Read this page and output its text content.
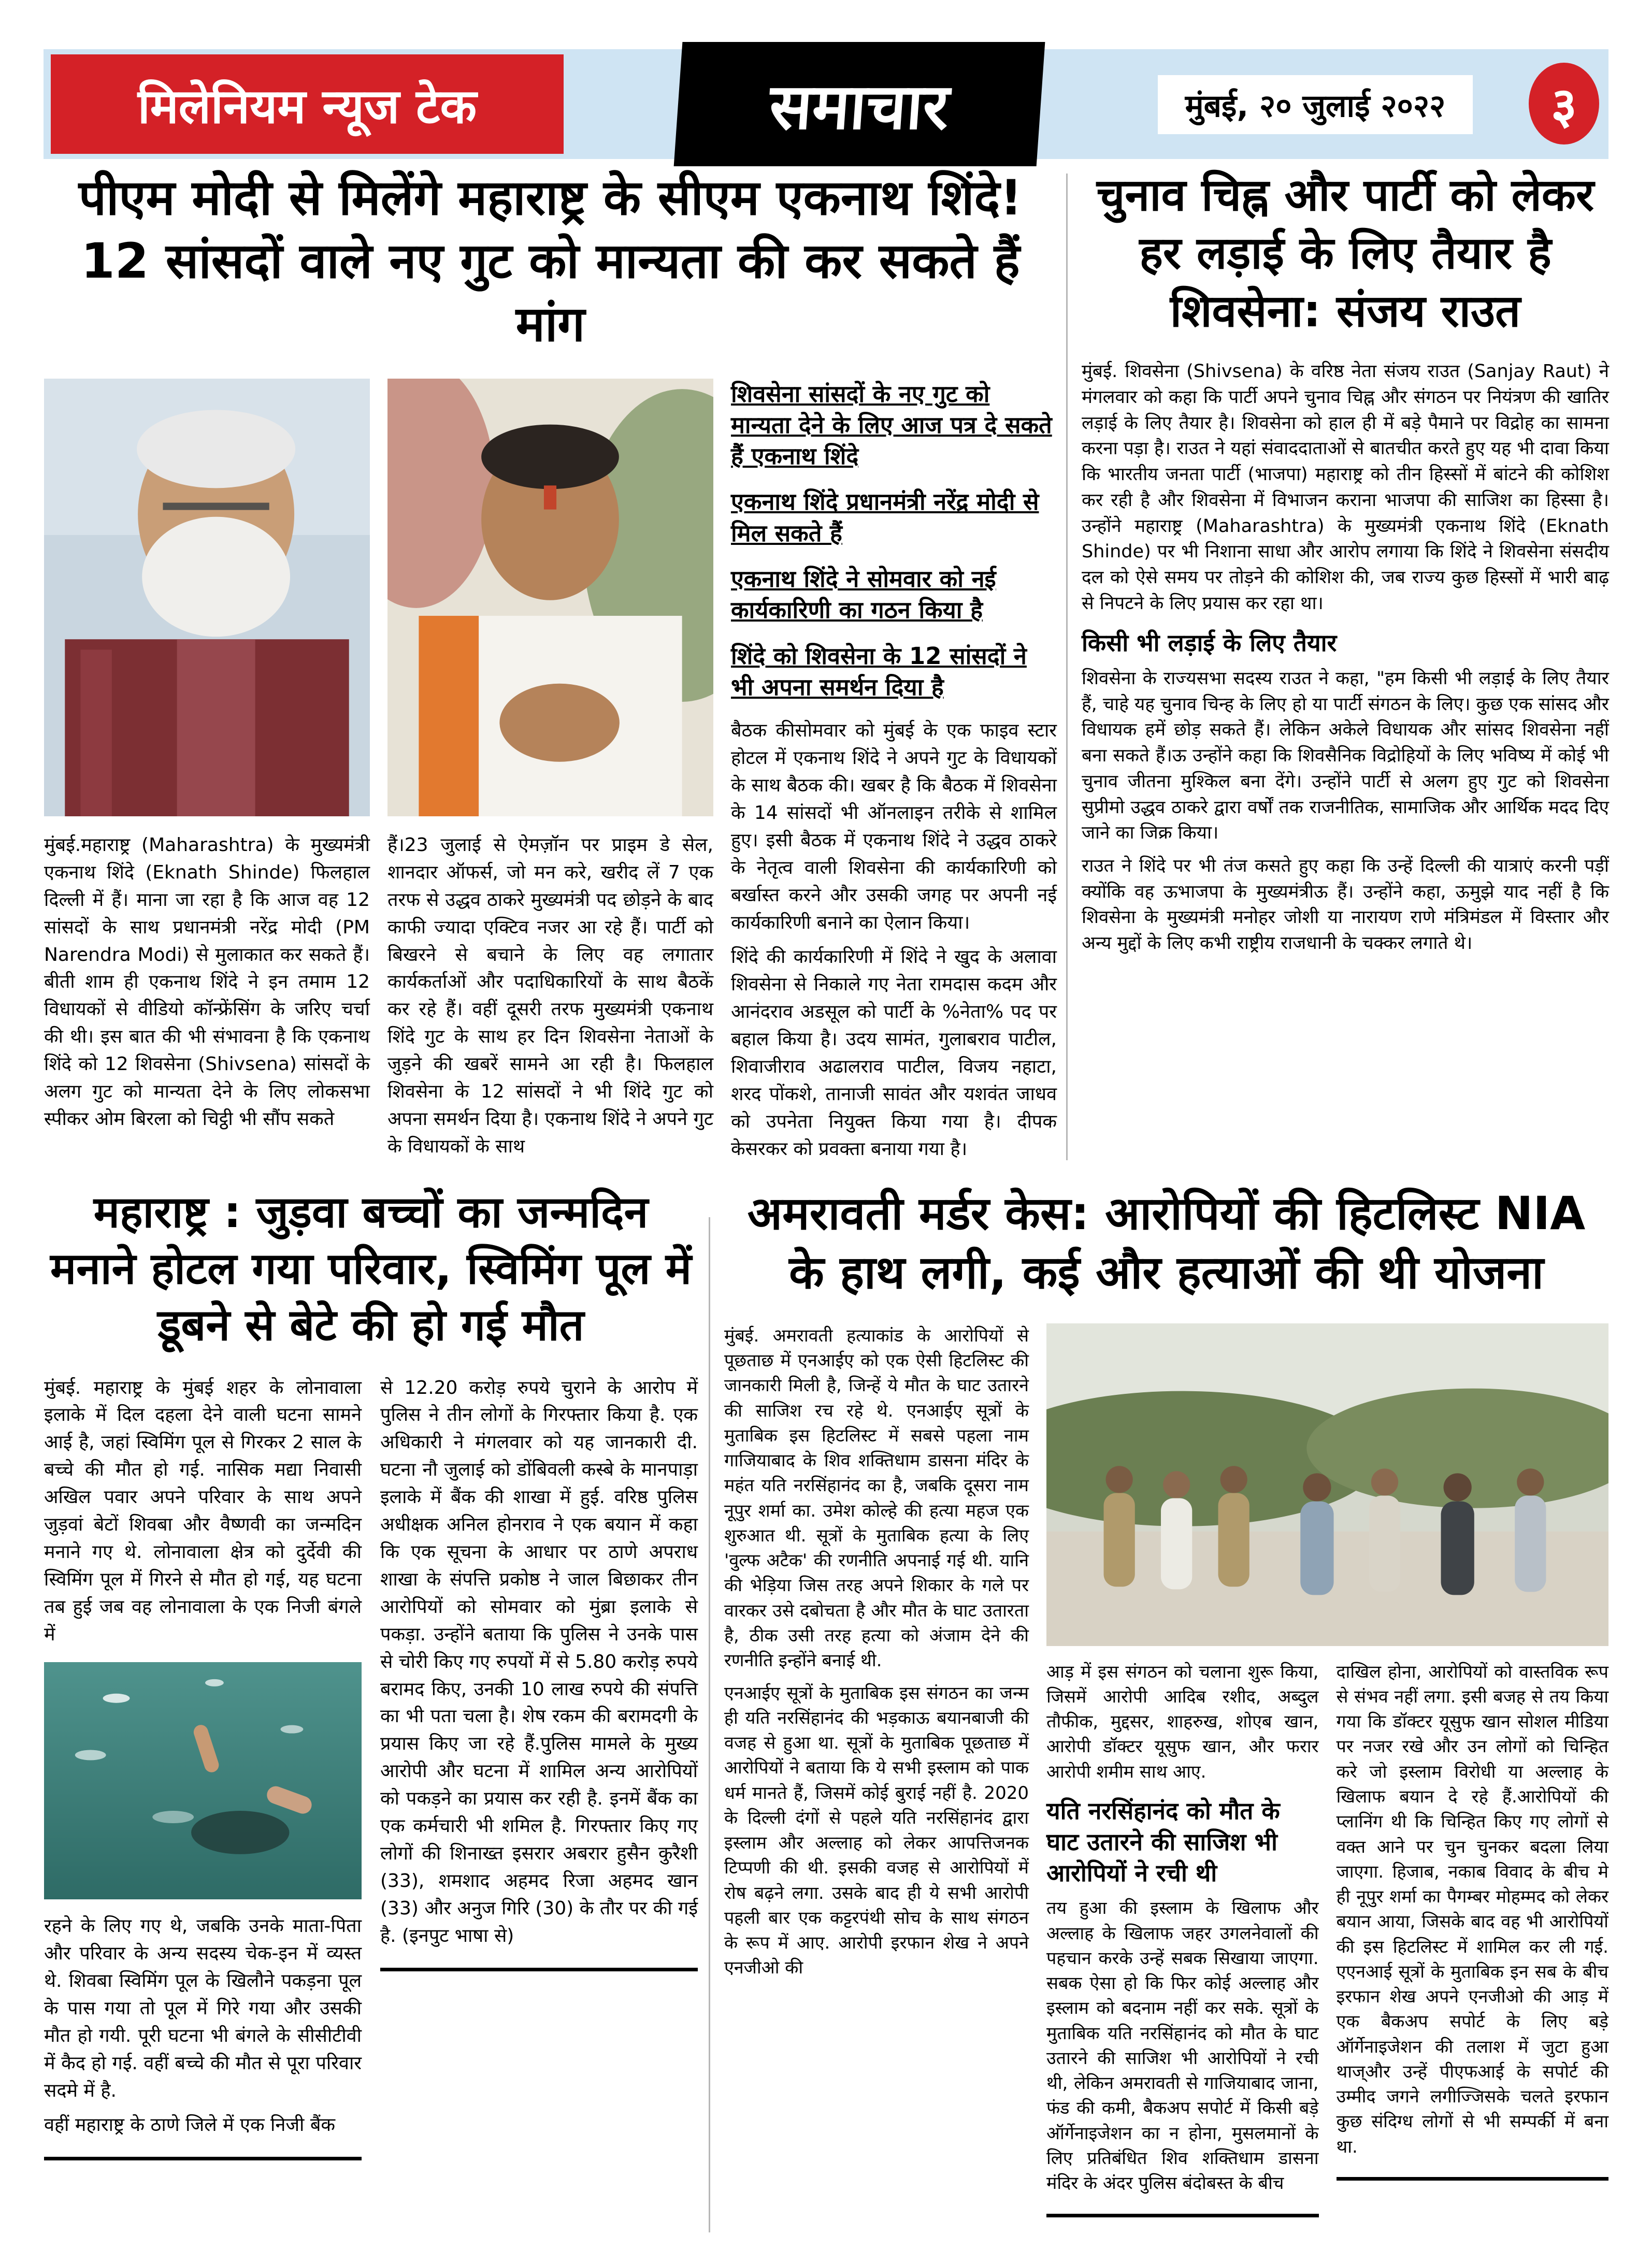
मिलेनियम न्यूज टेक	समाचार	मुंबई, २० जुलाई २०२२ ३
पीएम मोदी से मिलेंगे महाराष्ट्र के सीएम एकनाथ शिंदे! 12 सांसदों वाले नए गुट को मान्यता की कर सकते हैं मांग
मुंबई.महाराष्ट्र (Maharashtra) के मुख्यमंत्री एकनाथ शिंदे (Eknath Shinde) फिलहाल दिल्ली में हैं। माना जा रहा है कि आज वह 12 सांसदों के साथ प्रधानमंत्री नरेंद्र मोदी (PM Narendra Modi) से मुलाकात कर सकते हैं। बीती शाम ही एकनाथ शिंदे ने इन तमाम 12 विधायकों से वीडियो कॉन्फ्रेंसिंग के जरिए चर्चा की थी। इस बात की भी संभावना है कि एकनाथ शिंदे को 12 शिवसेना (Shivsena) सांसदों के अलग गुट को मान्यता देने के लिए लोकसभा स्पीकर ओम बिरला को चिट्ठी भी सौंप सकते
हैं।23 जुलाई से ऐमज़ॉन पर प्राइम डे सेल, शानदार ऑफर्स, जो मन करे, खरीद लें 7 एक तरफ से उद्धव ठाकरे मुख्यमंत्री पद छोड़ने के बाद काफी ज्यादा एक्टिव नजर आ रहे हैं। पार्टी को बिखरने से बचाने के लिए वह लगातार कार्यकर्ताओं और पदाधिकारियों के साथ बैठकें कर रहे हैं। वहीं दूसरी तरफ मुख्यमंत्री एकनाथ शिंदे गुट के साथ हर दिन शिवसेना नेताओं के जुड़ने की खबरें सामने आ रही है। फिलहाल शिवसेना के 12 सांसदों ने भी शिंदे गुट को अपना समर्थन दिया है। एकनाथ शिंदे ने अपने गुट के विधायकों के साथ
शिवसेना सांसदों के नए गुट को मान्यता देने के लिए आज पत्र दे सकते हैं एकनाथ शिंदे
एकनाथ शिंदे प्रधानमंत्री नरेंद्र मोदी से मिल सकते हैं
एकनाथ शिंदे ने सोमवार को नई कार्यकारिणी का गठन किया है
शिंदे को शिवसेना के 12 सांसदों ने भी अपना समर्थन दिया है
बैठक कीसोमवार को मुंबई के एक फाइव स्टार होटल में एकनाथ शिंदे ने अपने गुट के विधायकों के साथ बैठक की। खबर है कि बैठक में शिवसेना के 14 सांसदों भी ऑनलाइन तरीके से शामिल हुए। इसी बैठक में एकनाथ शिंदे ने उद्धव ठाकरे के नेतृत्व वाली शिवसेना की कार्यकारिणी को बर्खास्त करने और उसकी जगह पर अपनी नई कार्यकारिणी बनाने का ऐलान किया।
शिंदे की कार्यकारिणी में शिंदे ने खुद के अलावा शिवसेना से निकाले गए नेता रामदास कदम और आनंदराव अडसूल को पार्टी के %नेता% पद पर बहाल किया है। उदय सामंत, गुलाबराव पाटील, शिवाजीराव अढालराव पाटील, विजय नहाटा, शरद पोंकशे, तानाजी सावंत और यशवंत जाधव को उपनेता नियुक्त किया गया है। दीपक केसरकर को प्रवक्ता बनाया गया है।
चुनाव चिह्न और पार्टी को लेकर हर लड़ाई के लिए तैयार है शिवसेना: संजय राउत
मुंबई. शिवसेना (Shivsena) के वरिष्ठ नेता संजय राउत (Sanjay Raut) ने मंगलवार को कहा कि पार्टी अपने चुनाव चिह्न और संगठन पर नियंत्रण की खातिर लड़ाई के लिए तैयार है। शिवसेना को हाल ही में बड़े पैमाने पर विद्रोह का सामना करना पड़ा है। राउत ने यहां संवाददाताओं से बातचीत करते हुए यह भी दावा किया कि भारतीय जनता पार्टी (भाजपा) महाराष्ट्र को तीन हिस्सों में बांटने की कोशिश कर रही है और शिवसेना में विभाजन कराना भाजपा की साजिश का हिस्सा है। उन्होंने महाराष्ट्र (Maharashtra) के मुख्यमंत्री एकनाथ शिंदे (Eknath Shinde) पर भी निशाना साधा और आरोप लगाया कि शिंदे ने शिवसेना संसदीय दल को ऐसे समय पर तोड़ने की कोशिश की, जब राज्य कुछ हिस्सों में भारी बाढ़ से निपटने के लिए प्रयास कर रहा था।
किसी भी लड़ाई के लिए तैयार
शिवसेना के राज्यसभा सदस्य राउत ने कहा, "हम किसी भी लड़ाई के लिए तैयार हैं, चाहे यह चुनाव चिन्ह के लिए हो या पार्टी संगठन के लिए। कुछ एक सांसद और विधायक हमें छोड़ सकते हैं। लेकिन अकेले विधायक और सांसद शिवसेना नहीं बना सकते हैं।ऊ उन्होंने कहा कि शिवसैनिक विद्रोहियों के लिए भविष्य में कोई भी चुनाव जीतना मुश्किल बना देंगे। उन्होंने पार्टी से अलग हुए गुट को शिवसेना सुप्रीमो उद्धव ठाकरे द्वारा वर्षों तक राजनीतिक, सामाजिक और आर्थिक मदद दिए जाने का जिक्र किया।
राउत ने शिंदे पर भी तंज कसते हुए कहा कि उन्हें दिल्ली की यात्राएं करनी पड़ीं क्योंकि वह ऊभाजपा के मुख्यमंत्रीऊ हैं। उन्होंने कहा, ऊमुझे याद नहीं है कि शिवसेना के मुख्यमंत्री मनोहर जोशी या नारायण राणे मंत्रिमंडल में विस्तार और अन्य मुद्दों के लिए कभी राष्ट्रीय राजधानी के चक्कर लगाते थे।
महाराष्ट्र : जुड़वा बच्चों का जन्मदिन मनाने होटल गया परिवार, स्विमिंग पूल में डूबने से बेटे की हो गई मौत
मुंबई. महाराष्ट्र के मुंबई शहर के लोनावाला इलाके में दिल दहला देने वाली घटना सामने आई है, जहां स्विमिंग पूल से गिरकर 2 साल के बच्चे की मौत हो गई. नासिक मद्या निवासी अखिल पवार अपने परिवार के साथ अपने जुड़वां बेटों शिवबा और वैष्णवी का जन्मदिन मनाने गए थे. लोनावाला क्षेत्र को दुर्देवी की स्विमिंग पूल में गिरने से मौत हो गई, यह घटना तब हुई जब वह लोनावाला के एक निजी बंगले में
रहने के लिए गए थे, जबकि उनके माता-पिता और परिवार के अन्य सदस्य चेक-इन में व्यस्त थे. शिवबा स्विमिंग पूल के खिलौने पकड़ना पूल के पास गया तो पूल में गिरे गया और उसकी मौत हो गयी. पूरी घटना भी बंगले के सीसीटीवी में कैद हो गई. वहीं बच्चे की मौत से पूरा परिवार सदमे में है.
वहीं महाराष्ट्र के ठाणे जिले में एक निजी बैंक
से 12.20 करोड़ रुपये चुराने के आरोप में पुलिस ने तीन लोगों के गिरफ्तार किया है. एक अधिकारी ने मंगलवार को यह जानकारी दी. घटना नौ जुलाई को डोंबिवली कस्बे के मानपाड़ा इलाके में बैंक की शाखा में हुई. वरिष्ठ पुलिस अधीक्षक अनिल होनराव ने एक बयान में कहा कि एक सूचना के आधार पर ठाणे अपराध शाखा के संपत्ति प्रकोष्ठ ने जाल बिछाकर तीन आरोपियों को सोमवार को मुंब्रा इलाके से पकड़ा. उन्होंने बताया कि पुलिस ने उनके पास से चोरी किए गए रुपयों में से 5.80 करोड़ रुपये बरामद किए, उनकी 10 लाख रुपये की संपत्ति का भी पता चला है। शेष रकम की बरामदगी के प्रयास किए जा रहे हैं.पुलिस मामले के मुख्य आरोपी और घटना में शामिल अन्य आरोपियों को पकड़ने का प्रयास कर रही है. इनमें बैंक का एक कर्मचारी भी शमिल है. गिरफ्तार किए गए लोगों की शिनाख्त इसरार अबरार हुसैन कुरैशी (33), शमशाद अहमद रिजा अहमद खान (33) और अनुज गिरि (30) के तौर पर की गई है. (इनपुट भाषा से)
अमरावती मर्डर केस: आरोपियों की हिटलिस्ट NIA के हाथ लगी, कई और हत्याओं की थी योजना
मुंबई. अमरावती हत्याकांड के आरोपियों से पूछताछ में एनआईए को एक ऐसी हिटलिस्ट की जानकारी मिली है, जिन्हें ये मौत के घाट उतारने की साजिश रच रहे थे. एनआईए सूत्रों के मुताबिक इस हिटलिस्ट में सबसे पहला नाम गाजियाबाद के शिव शक्तिधाम डासना मंदिर के महंत यति नरसिंहानंद का है, जबकि दूसरा नाम नूपुर शर्मा का. उमेश कोल्हे की हत्या महज एक शुरुआत थी. सूत्रों के मुताबिक हत्या के लिए 'वुल्फ अटैक' की रणनीति अपनाई गई थी. यानि की भेड़िया जिस तरह अपने शिकार के गले पर वारकर उसे दबोचता है और मौत के घाट उतारता है, ठीक उसी तरह हत्या को अंजाम देने की रणनीति इन्होंने बनाई थी.
एनआईए सूत्रों के मुताबिक इस संगठन का जन्म ही यति नरसिंहानंद की भड़काऊ बयानबाजी की वजह से हुआ था. सूत्रों के मुताबिक पूछताछ में आरोपियों ने बताया कि ये सभी इस्लाम को पाक धर्म मानते हैं, जिसमें कोई बुराई नहीं है. 2020 के दिल्ली दंगों से पहले यति नरसिंहानंद द्वारा इस्लाम और अल्लाह को लेकर आपत्तिजनक टिप्पणी की थी. इसकी वजह से आरोपियों में रोष बढ़ने लगा. उसके बाद ही ये सभी आरोपी पहली बार एक कट्टरपंथी सोच के साथ संगठन के रूप में आए. आरोपी इरफान शेख ने अपने एनजीओ की
आड़ में इस संगठन को चलाना शुरू किया, जिसमें आरोपी आदिब रशीद, अब्दुल तौफीक, मुद्दसर, शाहरुख, शोएब खान, आरोपी डॉक्टर यूसुफ खान, और फरार आरोपी शमीम साथ आए.
यति नरसिंहानंद को मौत के घाट उतारने की साजिश भी आरोपियों ने रची थी
तय हुआ की इस्लाम के खिलाफ और अल्लाह के खिलाफ जहर उगलनेवालों की पहचान करके उन्हें सबक सिखाया जाएगा. सबक ऐसा हो कि फिर कोई अल्लाह और इस्लाम को बदनाम नहीं कर सके. सूत्रों के मुताबिक यति नरसिंहानंद को मौत के घाट उतारने की साजिश भी आरोपियों ने रची थी, लेकिन अमरावती से गाजियाबाद जाना, फंड की कमी, बैकअप सपोर्ट में किसी बड़े ऑर्गेनाइजेशन का न होना, मुसलमानों के लिए प्रतिबंधित शिव शक्तिधाम डासना मंदिर के अंदर पुलिस बंदोबस्त के बीच
दाखिल होना, आरोपियों को वास्तविक रूप से संभव नहीं लगा. इसी बजह से तय किया गया कि डॉक्टर यूसुफ खान सोशल मीडिया पर नजर रखे और उन लोगों को चिन्हित करे जो इस्लाम विरोधी या अल्लाह के खिलाफ बयान दे रहे हैं.आरोपियों की प्लानिंग थी कि चिन्हित किए गए लोगों से वक्त आने पर चुन चुनकर बदला लिया जाएगा. हिजाब, नकाब विवाद के बीच मे ही नूपुर शर्मा का पैगम्बर मोहम्मद को लेकर बयान आया, जिसके बाद वह भी आरोपियों की इस हिटलिस्ट में शामिल कर ली गई. एएनआई सूत्रों के मुताबिक इन सब के बीच इरफान शेख अपने एनजीओ की आड़ में एक बैकअप सपोर्ट के लिए बड़े ऑर्गेनाइजेशन की तलाश में जुटा हुआ थाज्और उन्हें पीएफआई के सपोर्ट की उम्मीद जगने लगीज्जिसके चलते इरफान कुछ संदिग्ध लोगों से भी सम्पर्की में बना था.
